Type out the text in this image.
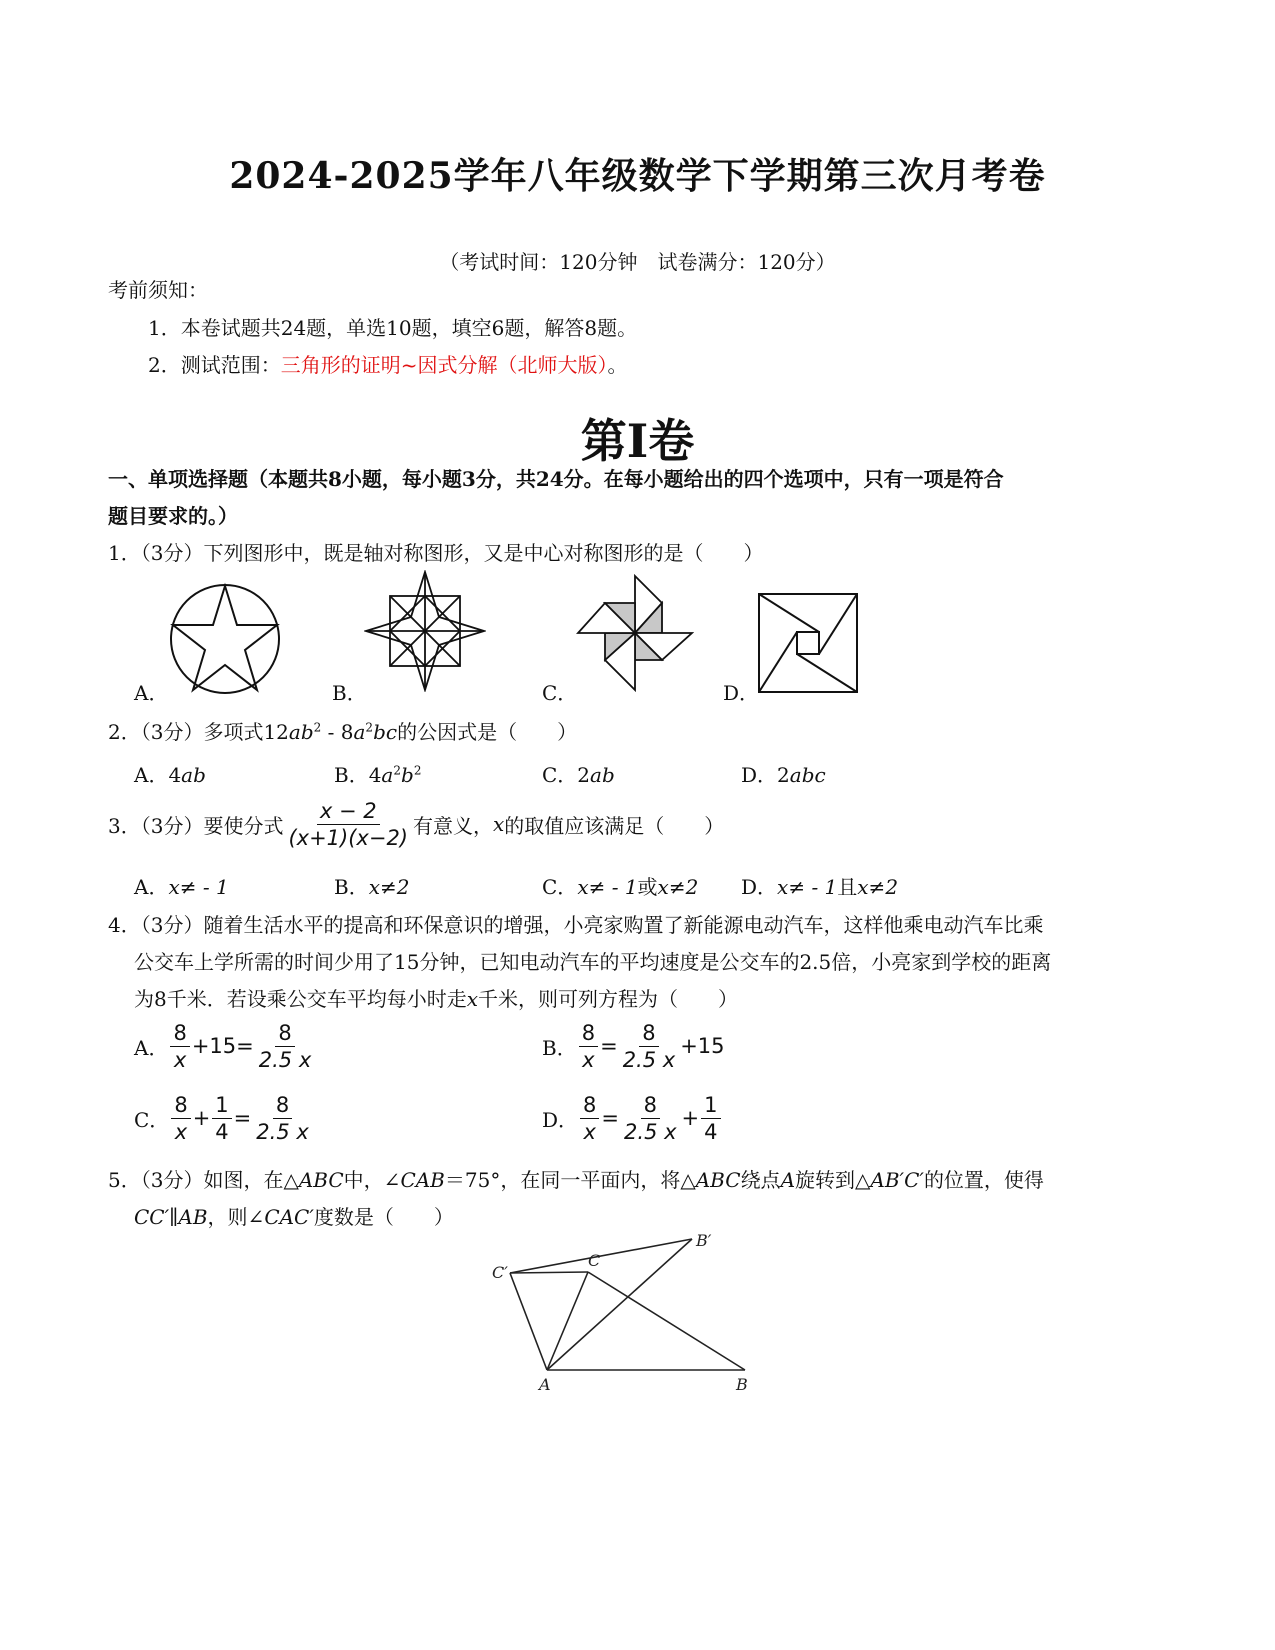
2024-2025学年八年级数学下学期第三次月考卷
（考试时间：120分钟　试卷满分：120分）
考前须知：
1．本卷试题共24题，单选10题，填空6题，解答8题。
2．测试范围：三角形的证明~因式分解（北师大版）。
第Ⅰ卷
一、单项选择题（本题共8小题，每小题3分，共24分。在每小题给出的四个选项中，只有一项是符合
题目要求的。）
1．（3分）下列图形中，既是轴对称图形，又是中心对称图形的是（　　）
A．	B．	C．	D．
2．（3分）多项式$12ab^2 - 8a^2bc$的公因式是（　　）
A．4ab	B．$4a^2b^2$	C．2ab	D．2abc
3．（3分）要使分式 $\frac{x - 2}{(x+1)(x-2)}$ 有意义， x 的取值应该满足（　　）
A．x≠ - 1	B．x≠2	C．x≠ - 1或x≠2 D．x≠ - 1且x≠2
4．（3分）随着生活水平的提高和环保意识的增强，小亮家购置了新能源电动汽车，这样他乘电动汽车比乘
公交车上学所需的时间少用了15分钟，已知电动汽车的平均速度是公交车的2.5倍，小亮家到学校的距离
为8千米．若设乘公交车平均每小时走x千米，则可列方程为（　　）
A． $\frac{8}{x} +15 = \frac{8}{2.5 x}$	B． $\frac{8}{x} = \frac{8}{2.5 x} +15$
C． $\frac{8}{x} + \frac{1}{4} = \frac{8}{2.5 x}$	D． $\frac{8}{x} = \frac{8}{2.5 x} + \frac{1}{4}$
5．（3分）如图，在△ABC中，∠CAB＝75°，在同一平面内，将△ABC绕点A旋转到△AB′C′的位置，使得
CC′∥AB，则∠CAC′度数是（　　）
B′
C′
C
A	B
